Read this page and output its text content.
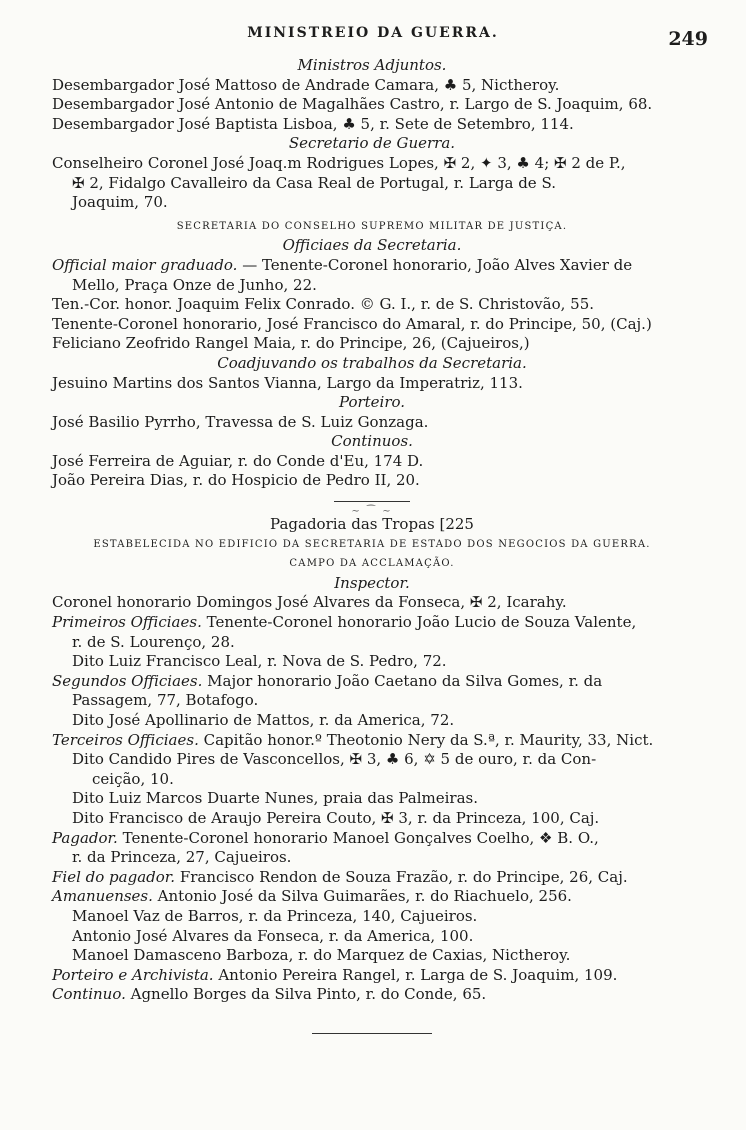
MINISTREIO DA GUERRA.	249
Ministros Adjuntos.
Desembargador José Mattoso de Andrade Camara, ♣ 5, Nictheroy.
Desembargador José Antonio de Magalhães Castro, r. Largo de S. Joaquim, 68.
Desembargador José Baptista Lisboa, ♣ 5, r. Sete de Setembro, 114.
Secretario de Guerra.
Conselheiro Coronel José Joaq.m Rodrigues Lopes, ✠ 2, ✦ 3, ♣ 4; ✠ 2 de P.,
✠ 2, Fidalgo Cavalleiro da Casa Real de Portugal, r. Larga de S.
Joaquim, 70.
SECRETARIA DO CONSELHO SUPREMO MILITAR DE JUSTIÇA.
Officiaes da Secretaria.
Official maior graduado. — Tenente-Coronel honorario, João Alves Xavier de
Mello, Praça Onze de Junho, 22.
Ten.-Cor. honor. Joaquim Felix Conrado. © G. I., r. de S. Christovão, 55.
Tenente-Coronel honorario, José Francisco do Amaral, r. do Principe, 50, (Caj.)
Feliciano Zeofrido Rangel Maia, r. do Principe, 26, (Cajueiros,)
Coadjuvando os trabalhos da Secretaria.
Jesuino Martins dos Santos Vianna, Largo da Imperatriz, 113.
Porteiro.
José Basilio Pyrrho, Travessa de S. Luiz Gonzaga.
Continuos.
José Ferreira de Aguiar, r. do Conde d'Eu, 174 D.
João Pereira Dias, r. do Hospicio de Pedro II, 20.
∼ ⁀ ∼
Pagadoria das Tropas [225
ESTABELECIDA NO EDIFICIO DA SECRETARIA DE ESTADO DOS NEGOCIOS DA GUERRA.
CAMPO DA ACCLAMAÇÃO.
Inspector.
Coronel honorario Domingos José Alvares da Fonseca, ✠ 2, Icarahy.
Primeiros Officiaes. Tenente-Coronel honorario João Lucio de Souza Valente,
r. de S. Lourenço, 28.
Dito Luiz Francisco Leal, r. Nova de S. Pedro, 72.
Segundos Officiaes. Major honorario João Caetano da Silva Gomes, r. da
Passagem, 77, Botafogo.
Dito José Apollinario de Mattos, r. da America, 72.
Terceiros Officiaes. Capitão honor.º Theotonio Nery da S.ª, r. Maurity, 33, Nict.
Dito Candido Pires de Vasconcellos, ✠ 3, ♣ 6, ✡ 5 de ouro, r. da Con-
ceição, 10.
Dito Luiz Marcos Duarte Nunes, praia das Palmeiras.
Dito Francisco de Araujo Pereira Couto, ✠ 3, r. da Princeza, 100, Caj.
Pagador. Tenente-Coronel honorario Manoel Gonçalves Coelho, ❖ B. O.,
r. da Princeza, 27, Cajueiros.
Fiel do pagador. Francisco Rendon de Souza Frazão, r. do Principe, 26, Caj.
Amanuenses. Antonio José da Silva Guimarães, r. do Riachuelo, 256.
Manoel Vaz de Barros, r. da Princeza, 140, Cajueiros.
Antonio José Alvares da Fonseca, r. da America, 100.
Manoel Damasceno Barboza, r. do Marquez de Caxias, Nictheroy.
Porteiro e Archivista. Antonio Pereira Rangel, r. Larga de S. Joaquim, 109.
Continuo. Agnello Borges da Silva Pinto, r. do Conde, 65.
